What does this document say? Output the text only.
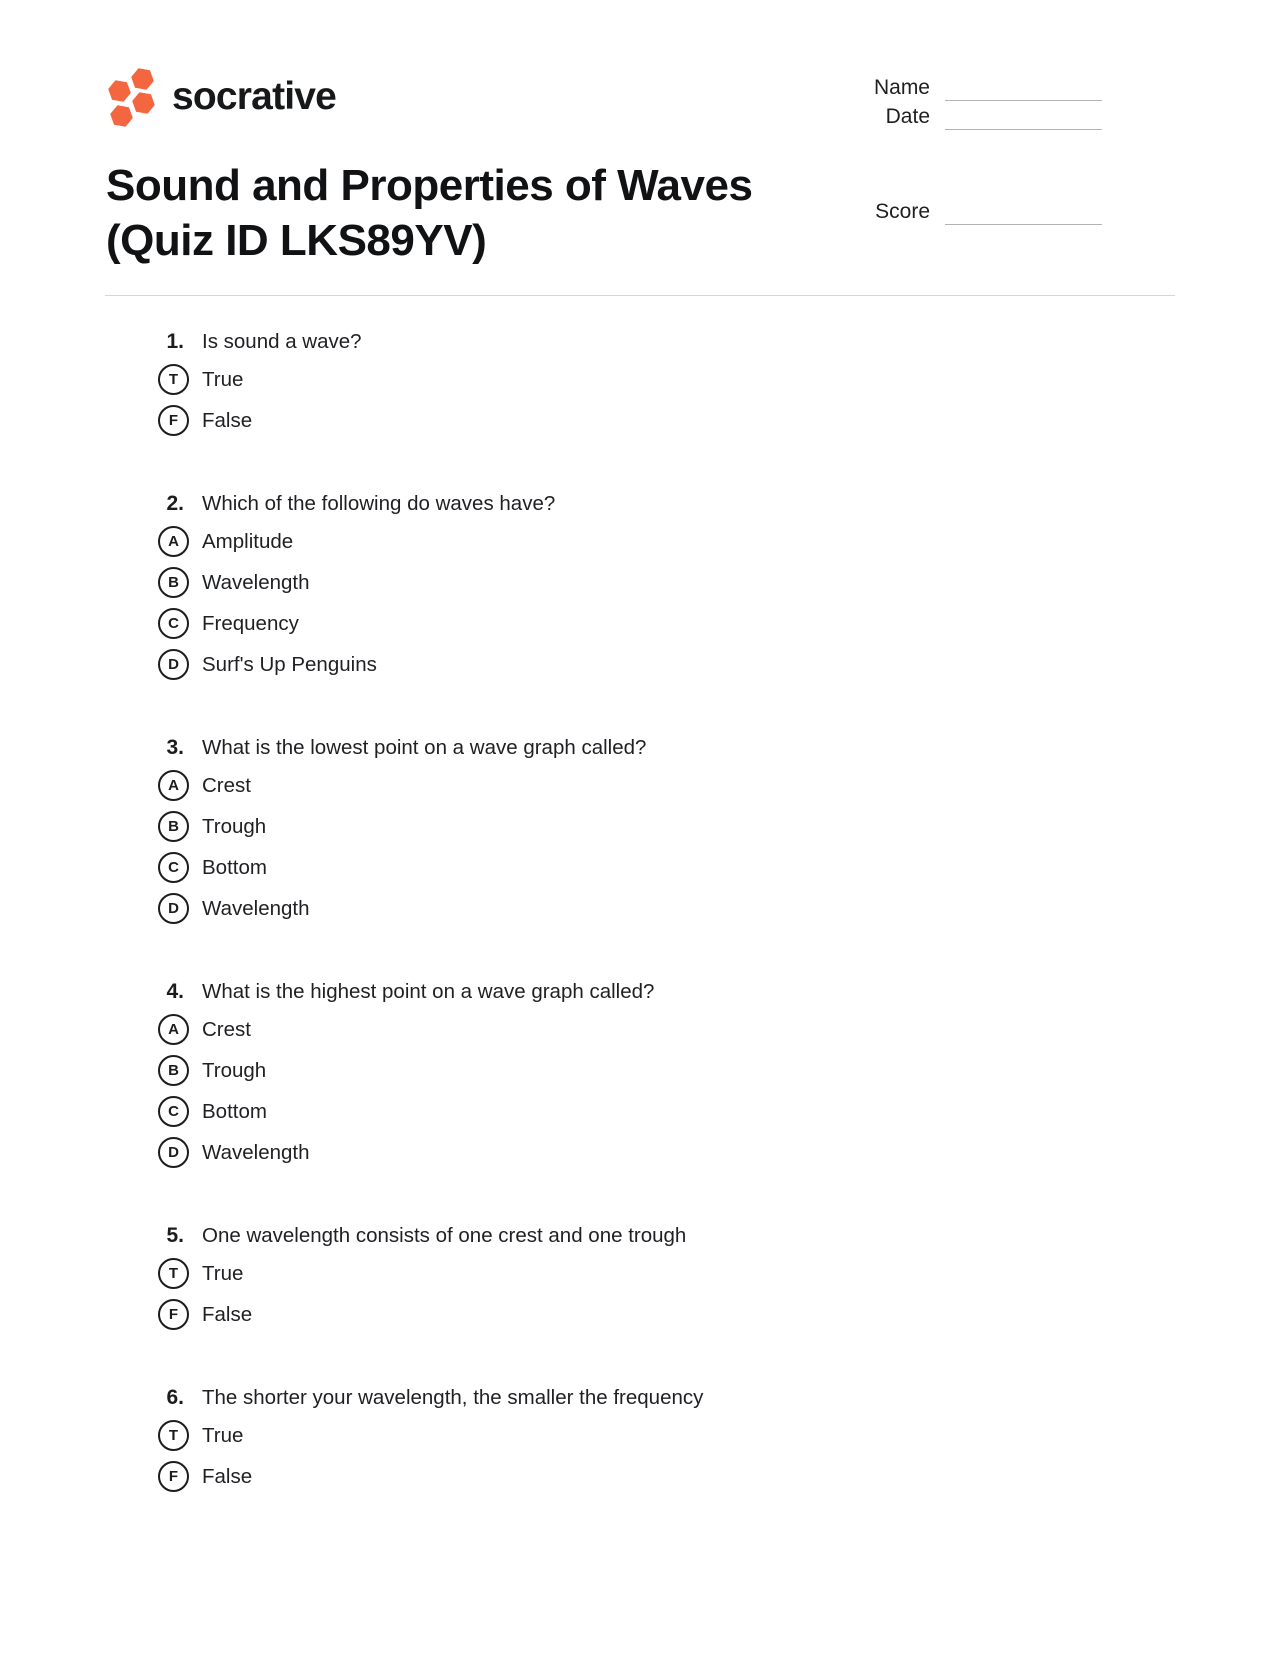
socrative	Name
Date
Sound and Properties of Waves (Quiz ID LKS89YV)
Score
1. Is sound a wave?
T	True
F	False
2. Which of the following do waves have?
A	Amplitude
B	Wavelength
C	Frequency
D	Surf's Up Penguins
3. What is the lowest point on a wave graph called?
A	Crest
B	Trough
C	Bottom
D	Wavelength
4. What is the highest point on a wave graph called?
A	Crest
B	Trough
C	Bottom
D	Wavelength
5. One wavelength consists of one crest and one trough
T	True
F	False
6. The shorter your wavelength, the smaller the frequency
T	True
F	False
